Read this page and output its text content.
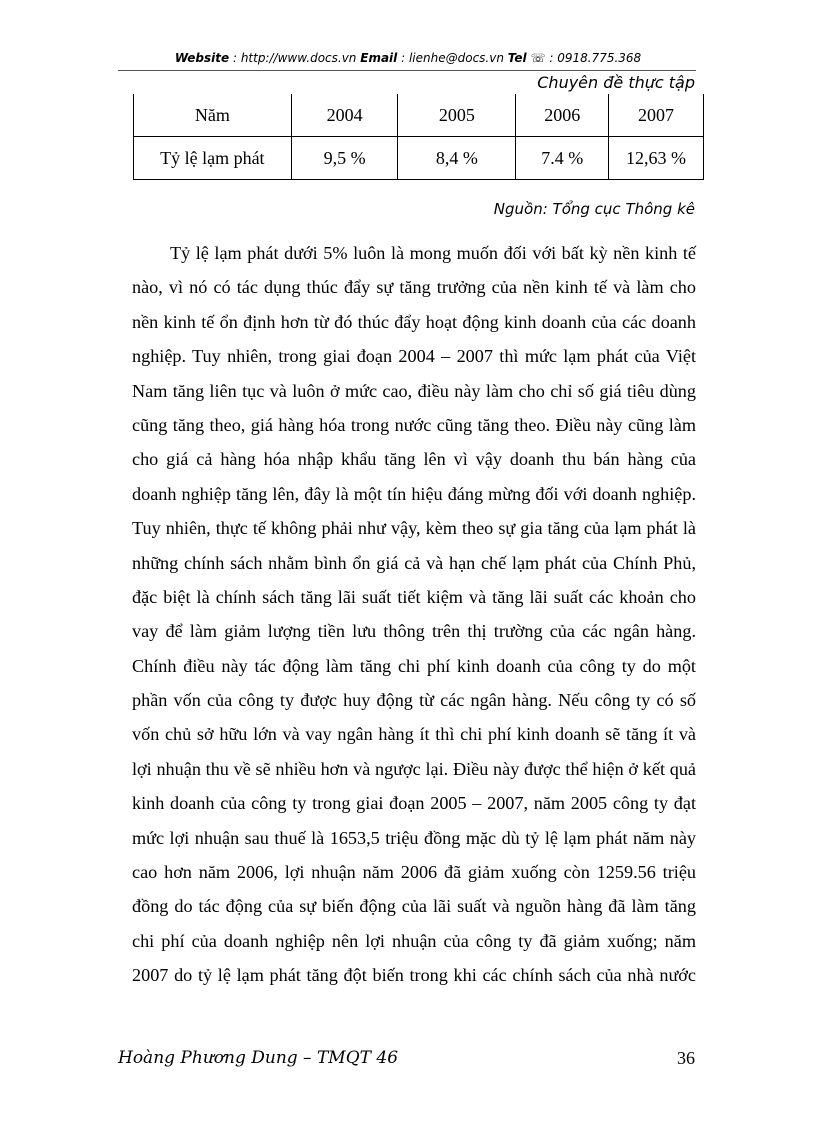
Website : http://www.docs.vn Email : lienhe@docs.vn Tel ☏ : 0918.775.368
Chuyên đề thực tập
Năm	2004	2005	2006	2007
Tỷ lệ lạm phát	9,5 %	8,4 %	7.4 %	12,63 %
Nguồn: Tổng cục Thông kê
Tỷ lệ lạm phát dưới 5% luôn là mong muốn đối với bất kỳ nền kinh tế
nào, vì nó có tác dụng thúc đẩy sự tăng trưởng của nền kinh tế và làm cho
nền kinh tế ổn định hơn từ đó thúc đẩy hoạt động kinh doanh của các doanh
nghiệp. Tuy nhiên, trong giai đoạn 2004 – 2007 thì mức lạm phát của Việt
Nam tăng liên tục và luôn ở mức cao, điều này làm cho chỉ số giá tiêu dùng
cũng tăng theo, giá hàng hóa trong nước cũng tăng theo. Điều này cũng làm
cho giá cả hàng hóa nhập khẩu tăng lên vì vậy doanh thu bán hàng của
doanh nghiệp tăng lên, đây là một tín hiệu đáng mừng đối với doanh nghiệp.
Tuy nhiên, thực tế không phải như vậy, kèm theo sự gia tăng của lạm phát là
những chính sách nhằm bình ổn giá cả và hạn chế lạm phát của Chính Phủ,
đặc biệt là chính sách tăng lãi suất tiết kiệm và tăng lãi suất các khoản cho
vay để làm giảm lượng tiền lưu thông trên thị trường của các ngân hàng.
Chính điều này tác động làm tăng chi phí kinh doanh của công ty do một
phần vốn của công ty được huy động từ các ngân hàng. Nếu công ty có số
vốn chủ sở hữu lớn và vay ngân hàng ít thì chi phí kinh doanh sẽ tăng ít và
lợi nhuận thu về sẽ nhiều hơn và ngược lại. Điều này được thể hiện ở kết quả
kinh doanh của công ty trong giai đoạn 2005 – 2007, năm 2005 công ty đạt
mức lợi nhuận sau thuế là 1653,5 triệu đồng mặc dù tỷ lệ lạm phát năm này
cao hơn năm 2006, lợi nhuận năm 2006 đã giảm xuống còn 1259.56 triệu
đồng do tác động của sự biến động của lãi suất và nguồn hàng đã làm tăng
chi phí của doanh nghiệp nên lợi nhuận của công ty đã giảm xuống; năm
2007 do tỷ lệ lạm phát tăng đột biến trong khi các chính sách của nhà nước
Hoàng Phương Dung – TMQT 46	36
